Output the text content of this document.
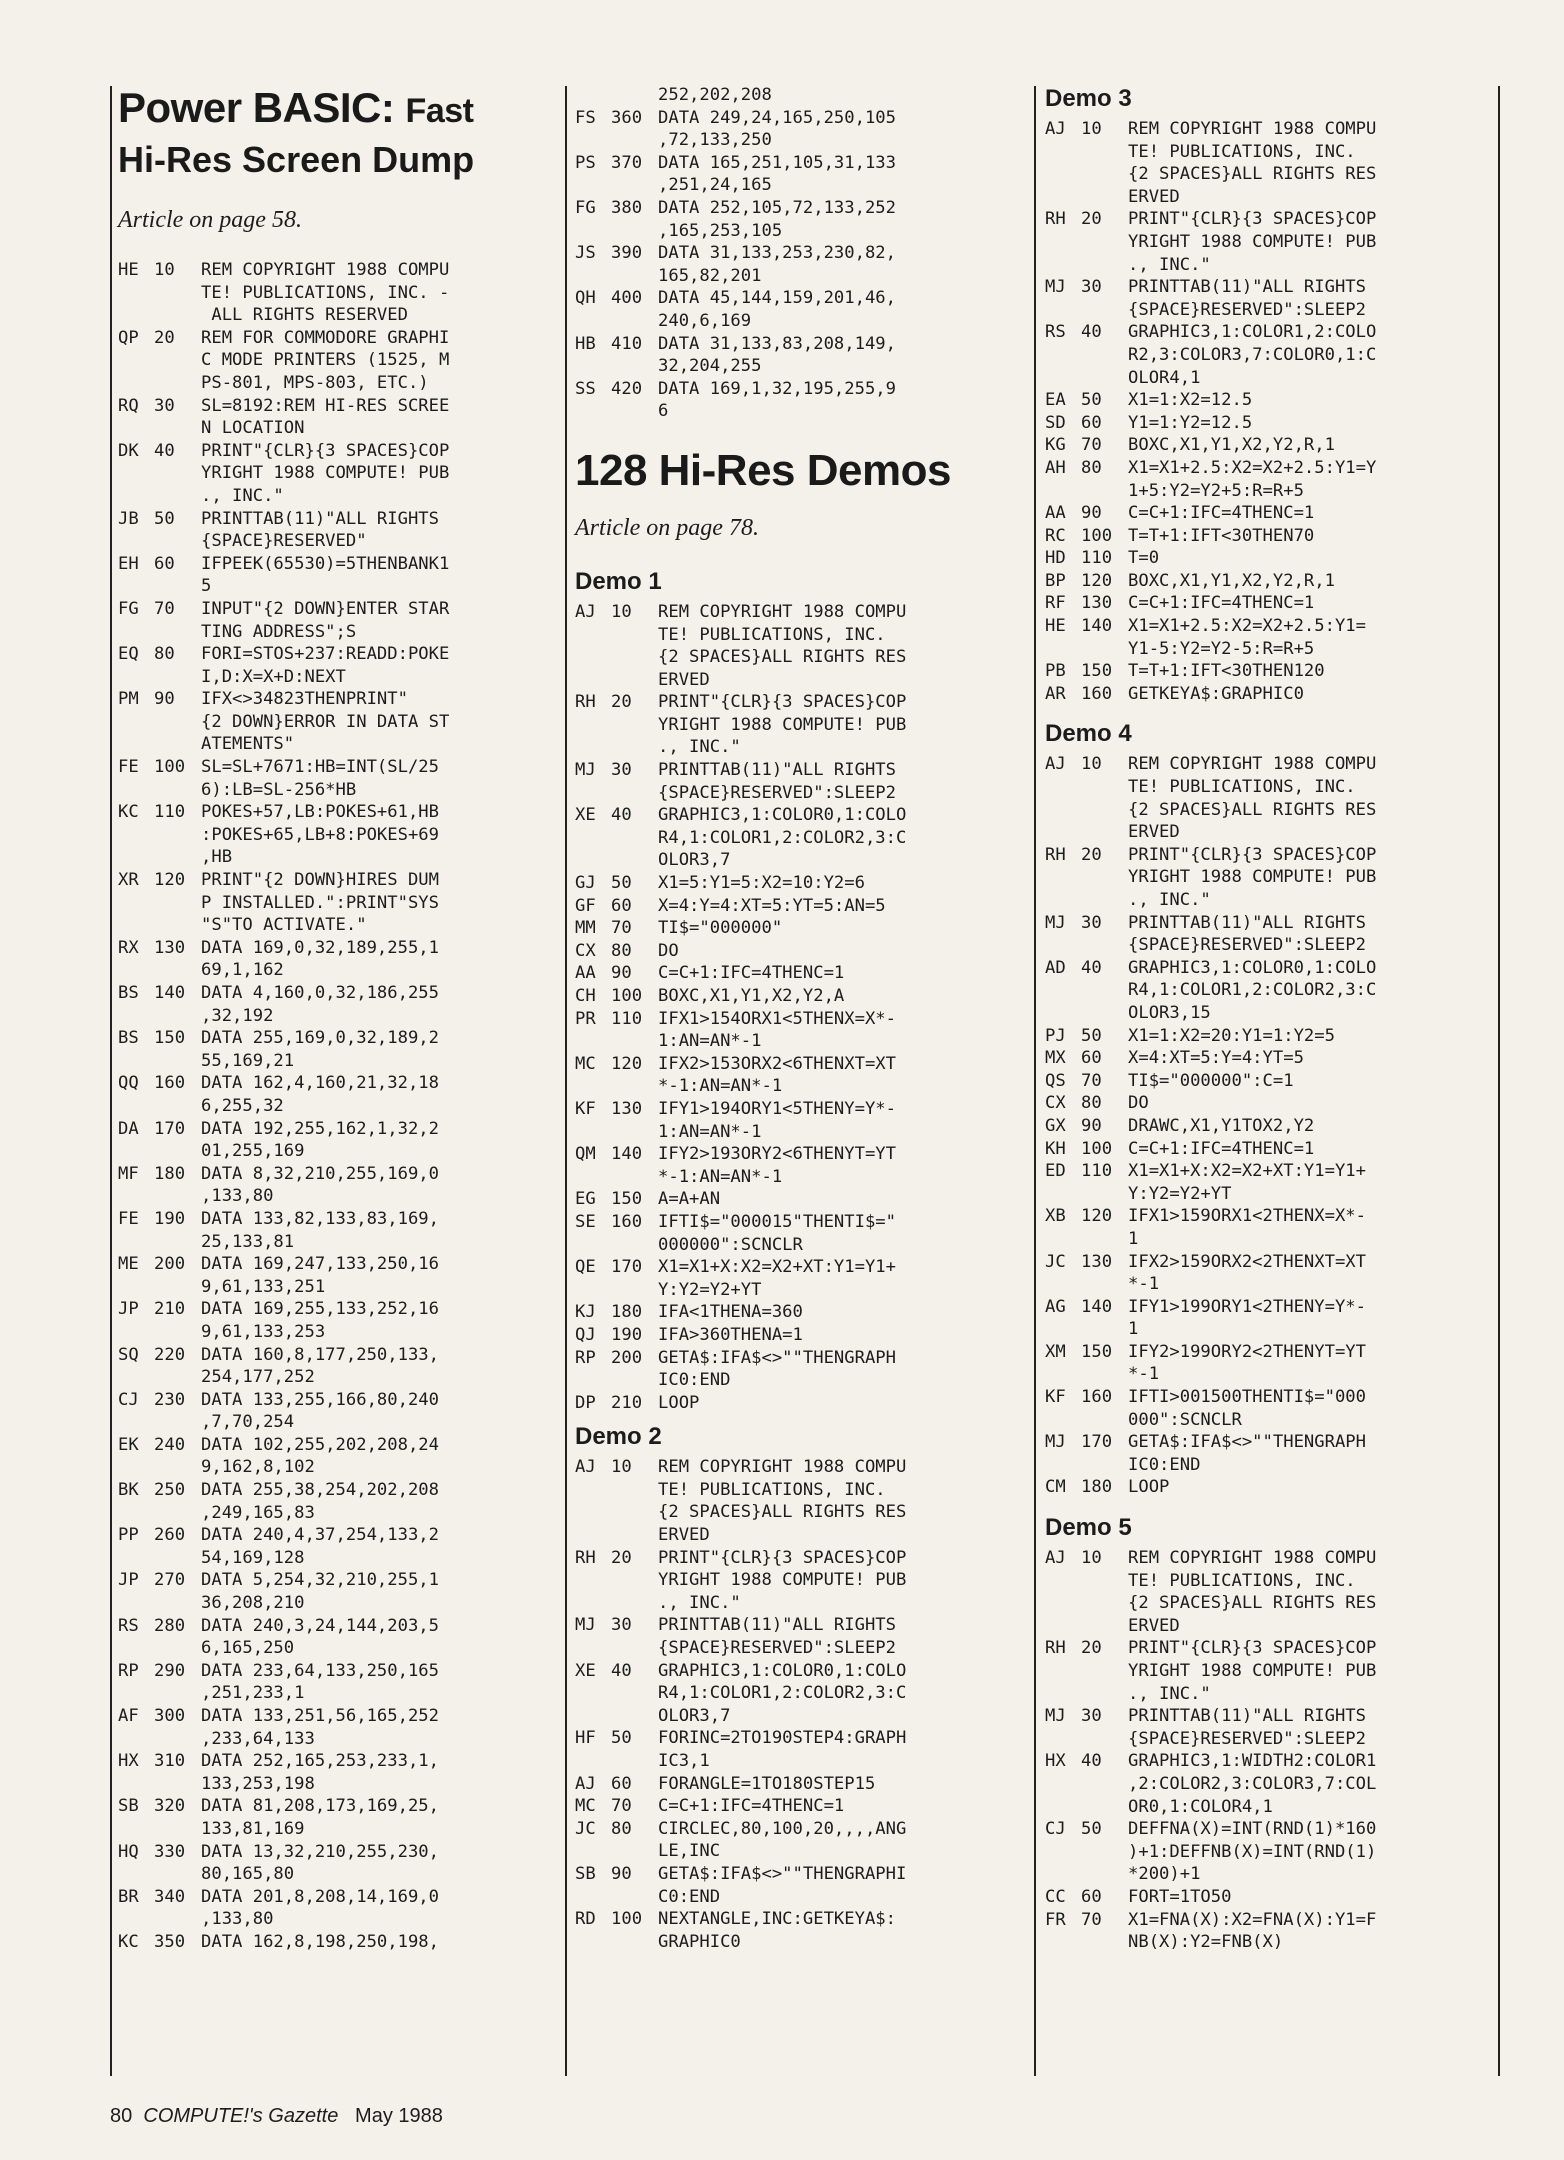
Power BASIC: Fast
Hi-Res Screen Dump
Article on page 58.
HE 10	REM COPYRIGHT 1988 COMPU
TE! PUBLICATIONS, INC. -
ALL RIGHTS RESERVED
QP 20	REM FOR COMMODORE GRAPHI
C MODE PRINTERS (1525, M
PS-801, MPS-803, ETC.)
RQ 30	SL=8192:REM HI-RES SCREE
N LOCATION
DK 40	PRINT"{CLR}{3 SPACES}COP
YRIGHT 1988 COMPUTE! PUB
., INC."
JB 50	PRINTTAB(11)"ALL RIGHTS
{SPACE}RESERVED"
EH 60	IFPEEK(65530)=5THENBANK1
5
FG 70	INPUT"{2 DOWN}ENTER STAR
TING ADDRESS";S
EQ 80	FORI=STOS+237:READD:POKE
I,D:X=X+D:NEXT
PM 90	IFX<>34823THENPRINT"
{2 DOWN}ERROR IN DATA ST
ATEMENTS"
FE 100 SL=SL+7671:HB=INT(SL/25
6):LB=SL-256*HB
KC 110 POKES+57,LB:POKES+61,HB
:POKES+65,LB+8:POKES+69
,HB
XR 120 PRINT"{2 DOWN}HIRES DUM
P INSTALLED.":PRINT"SYS
"S"TO ACTIVATE."
RX 130 DATA 169,0,32,189,255,1
69,1,162
BS 140 DATA 4,160,0,32,186,255
,32,192
BS 150 DATA 255,169,0,32,189,2
55,169,21
QQ 160 DATA 162,4,160,21,32,18
6,255,32
DA 170 DATA 192,255,162,1,32,2
01,255,169
MF 180 DATA 8,32,210,255,169,0
,133,80
FE 190 DATA 133,82,133,83,169,
25,133,81
ME 200 DATA 169,247,133,250,16
9,61,133,251
JP 210 DATA 169,255,133,252,16
9,61,133,253
SQ 220 DATA 160,8,177,250,133,
254,177,252
CJ 230 DATA 133,255,166,80,240
,7,70,254
EK 240 DATA 102,255,202,208,24
9,162,8,102
BK 250 DATA 255,38,254,202,208
,249,165,83
PP 260 DATA 240,4,37,254,133,2
54,169,128
JP 270 DATA 5,254,32,210,255,1
36,208,210
RS 280 DATA 240,3,24,144,203,5
6,165,250
RP 290 DATA 233,64,133,250,165
,251,233,1
AF 300 DATA 133,251,56,165,252
,233,64,133
HX 310 DATA 252,165,253,233,1,
133,253,198
SB 320 DATA 81,208,173,169,25,
133,81,169
HQ 330 DATA 13,32,210,255,230,
80,165,80
BR 340 DATA 201,8,208,14,169,0
,133,80
KC 350 DATA 162,8,198,250,198,
252,202,208
FS 360 DATA 249,24,165,250,105
,72,133,250
PS 370 DATA 165,251,105,31,133
,251,24,165
FG 380 DATA 252,105,72,133,252
,165,253,105
JS 390 DATA 31,133,253,230,82,
165,82,201
QH 400 DATA 45,144,159,201,46,
240,6,169
HB 410 DATA 31,133,83,208,149,
32,204,255
SS 420 DATA 169,1,32,195,255,9
6
128 Hi-Res Demos
Article on page 78.
Demo 1
AJ 10	REM COPYRIGHT 1988 COMPU
TE! PUBLICATIONS, INC.
{2 SPACES}ALL RIGHTS RES
ERVED
RH 20	PRINT"{CLR}{3 SPACES}COP
YRIGHT 1988 COMPUTE! PUB
., INC."
MJ 30	PRINTTAB(11)"ALL RIGHTS
{SPACE}RESERVED":SLEEP2
XE 40	GRAPHIC3,1:COLOR0,1:COLO
R4,1:COLOR1,2:COLOR2,3:C
OLOR3,7
GJ 50	X1=5:Y1=5:X2=10:Y2=6
GF 60	X=4:Y=4:XT=5:YT=5:AN=5
MM 70	TI$="000000"
CX 80	DO
AA 90	C=C+1:IFC=4THENC=1
CH 100 BOXC,X1,Y1,X2,Y2,A
PR 110 IFX1>154ORX1<5THENX=X*-
1:AN=AN*-1
MC 120 IFX2>153ORX2<6THENXT=XT
*-1:AN=AN*-1
KF 130 IFY1>194ORY1<5THENY=Y*-
1:AN=AN*-1
QM 140 IFY2>193ORY2<6THENYT=YT
*-1:AN=AN*-1
EG 150 A=A+AN
SE 160 IFTI$="000015"THENTI$="
000000":SCNCLR
QE 170 X1=X1+X:X2=X2+XT:Y1=Y1+
Y:Y2=Y2+YT
KJ 180 IFA<1THENA=360
QJ 190 IFA>360THENA=1
RP 200 GETA$:IFA$<>""THENGRAPH
IC0:END
DP 210 LOOP
Demo 2
AJ 10	REM COPYRIGHT 1988 COMPU
TE! PUBLICATIONS, INC.
{2 SPACES}ALL RIGHTS RES
ERVED
RH 20	PRINT"{CLR}{3 SPACES}COP
YRIGHT 1988 COMPUTE! PUB
., INC."
MJ 30	PRINTTAB(11)"ALL RIGHTS
{SPACE}RESERVED":SLEEP2
XE 40	GRAPHIC3,1:COLOR0,1:COLO
R4,1:COLOR1,2:COLOR2,3:C
OLOR3,7
HF 50	FORINC=2TO190STEP4:GRAPH
IC3,1
AJ 60	FORANGLE=1TO180STEP15
MC 70	C=C+1:IFC=4THENC=1
JC 80	CIRCLEC,80,100,20,,,,ANG
LE,INC
SB 90	GETA$:IFA$<>""THENGRAPHI
C0:END
RD 100 NEXTANGLE,INC:GETKEYA$:
GRAPHIC0
Demo 3
AJ 10	REM COPYRIGHT 1988 COMPU
TE! PUBLICATIONS, INC.
{2 SPACES}ALL RIGHTS RES
ERVED
RH 20	PRINT"{CLR}{3 SPACES}COP
YRIGHT 1988 COMPUTE! PUB
., INC."
MJ 30	PRINTTAB(11)"ALL RIGHTS
{SPACE}RESERVED":SLEEP2
RS 40	GRAPHIC3,1:COLOR1,2:COLO
R2,3:COLOR3,7:COLOR0,1:C
OLOR4,1
EA 50	X1=1:X2=12.5
SD 60	Y1=1:Y2=12.5
KG 70	BOXC,X1,Y1,X2,Y2,R,1
AH 80	X1=X1+2.5:X2=X2+2.5:Y1=Y
1+5:Y2=Y2+5:R=R+5
AA 90	C=C+1:IFC=4THENC=1
RC 100 T=T+1:IFT<30THEN70
HD 110 T=0
BP 120 BOXC,X1,Y1,X2,Y2,R,1
RF 130 C=C+1:IFC=4THENC=1
HE 140 X1=X1+2.5:X2=X2+2.5:Y1=
Y1-5:Y2=Y2-5:R=R+5
PB 150 T=T+1:IFT<30THEN120
AR 160 GETKEYA$:GRAPHIC0
Demo 4
AJ 10	REM COPYRIGHT 1988 COMPU
TE! PUBLICATIONS, INC.
{2 SPACES}ALL RIGHTS RES
ERVED
RH 20	PRINT"{CLR}{3 SPACES}COP
YRIGHT 1988 COMPUTE! PUB
., INC."
MJ 30	PRINTTAB(11)"ALL RIGHTS
{SPACE}RESERVED":SLEEP2
AD 40	GRAPHIC3,1:COLOR0,1:COLO
R4,1:COLOR1,2:COLOR2,3:C
OLOR3,15
PJ 50	X1=1:X2=20:Y1=1:Y2=5
MX 60	X=4:XT=5:Y=4:YT=5
QS 70	TI$="000000":C=1
CX 80	DO
GX 90	DRAWC,X1,Y1TOX2,Y2
KH 100 C=C+1:IFC=4THENC=1
ED 110 X1=X1+X:X2=X2+XT:Y1=Y1+
Y:Y2=Y2+YT
XB 120 IFX1>159ORX1<2THENX=X*-
1
JC 130 IFX2>159ORX2<2THENXT=XT
*-1
AG 140 IFY1>199ORY1<2THENY=Y*-
1
XM 150 IFY2>199ORY2<2THENYT=YT
*-1
KF 160 IFTI>001500THENTI$="000
000":SCNCLR
MJ 170 GETA$:IFA$<>""THENGRAPH
IC0:END
CM 180 LOOP
Demo 5
AJ 10	REM COPYRIGHT 1988 COMPU
TE! PUBLICATIONS, INC.
{2 SPACES}ALL RIGHTS RES
ERVED
RH 20	PRINT"{CLR}{3 SPACES}COP
YRIGHT 1988 COMPUTE! PUB
., INC."
MJ 30	PRINTTAB(11)"ALL RIGHTS
{SPACE}RESERVED":SLEEP2
HX 40	GRAPHIC3,1:WIDTH2:COLOR1
,2:COLOR2,3:COLOR3,7:COL
OR0,1:COLOR4,1
CJ 50	DEFFNA(X)=INT(RND(1)*160
)+1:DEFFNB(X)=INT(RND(1)
*200)+1
CC 60	FORT=1TO50
FR 70	X1=FNA(X):X2=FNA(X):Y1=F
NB(X):Y2=FNB(X)
80 COMPUTE!'s Gazette May 1988
